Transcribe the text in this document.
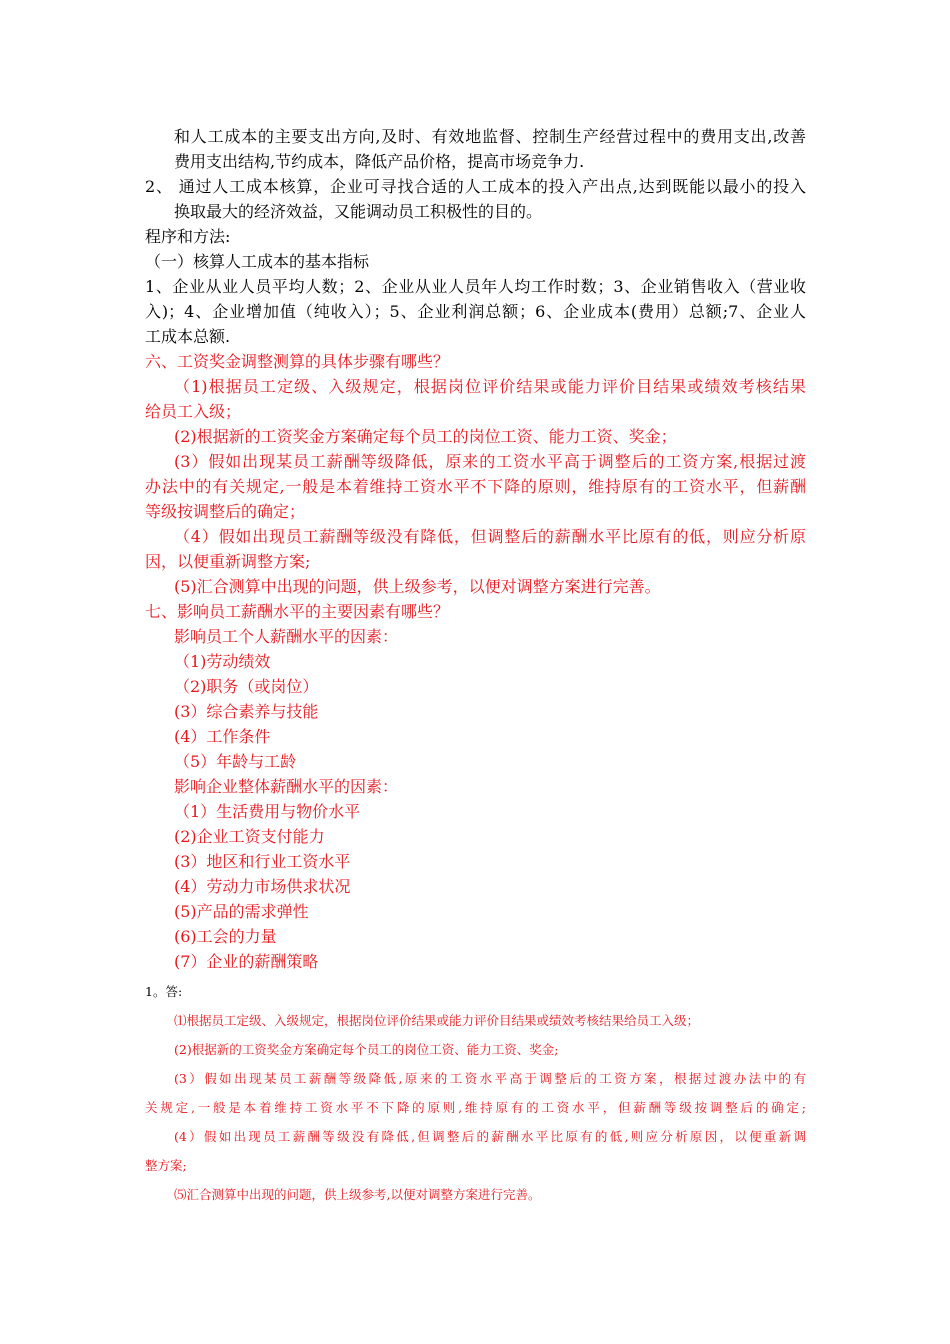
和人工成本的主要支出方向,及时、有效地监督、控制生产经营过程中的费用支出,改善
费用支出结构,节约成本，降低产品价格，提高市场竞争力.
2、 通过人工成本核算，企业可寻找合适的人工成本的投入产出点,达到既能以最小的投入
换取最大的经济效益，又能调动员工积极性的目的。
程序和方法:
（一）核算人工成本的基本指标
1、企业从业人员平均人数；2、企业从业人员年人均工作时数；3、企业销售收入（营业收
入)；4、企业增加值（纯收入）；5、企业利润总额；6、企业成本(费用）总额;7、企业人
工成本总额.
六、工资奖金调整测算的具体步骤有哪些？
（1)根据员工定级、入级规定，根据岗位评价结果或能力评价目结果或绩效考核结果
给员工入级；
(2)根据新的工资奖金方案确定每个员工的岗位工资、能力工资、奖金；
(3）假如出现某员工薪酬等级降低，原来的工资水平高于调整后的工资方案,根据过渡
办法中的有关规定,一般是本着维持工资水平不下降的原则，维持原有的工资水平，但薪酬
等级按调整后的确定；
（4）假如出现员工薪酬等级没有降低，但调整后的薪酬水平比原有的低，则应分析原
因，以便重新调整方案;
(5)汇合测算中出现的问题，供上级参考，以便对调整方案进行完善。
七、影响员工薪酬水平的主要因素有哪些？
影响员工个人薪酬水平的因素：
（1)劳动绩效
（2)职务（或岗位）
(3）综合素养与技能
(4）工作条件
（5）年龄与工龄
影响企业整体薪酬水平的因素：
（1）生活费用与物价水平
(2)企业工资支付能力
(3）地区和行业工资水平
(4）劳动力市场供求状况
(5)产品的需求弹性
(6)工会的力量
(7）企业的薪酬策略
1。答:
⑴根据员工定级、入级规定，根据岗位评价结果或能力评价目结果或绩效考核结果给员工入级；
(2)根据新的工资奖金方案确定每个员工的岗位工资、能力工资、奖金;
(3）假如出现某员工薪酬等级降低,原来的工资水平高于调整后的工资方案，根据过渡办法中的有
关规定,一般是本着维持工资水平不下降的原则,维持原有的工资水平，但薪酬等级按调整后的确定;
(4）假如出现员工薪酬等级没有降低,但调整后的薪酬水平比原有的低,则应分析原因，以便重新调
整方案;
⑸汇合测算中出现的问题，供上级参考,以便对调整方案进行完善。
